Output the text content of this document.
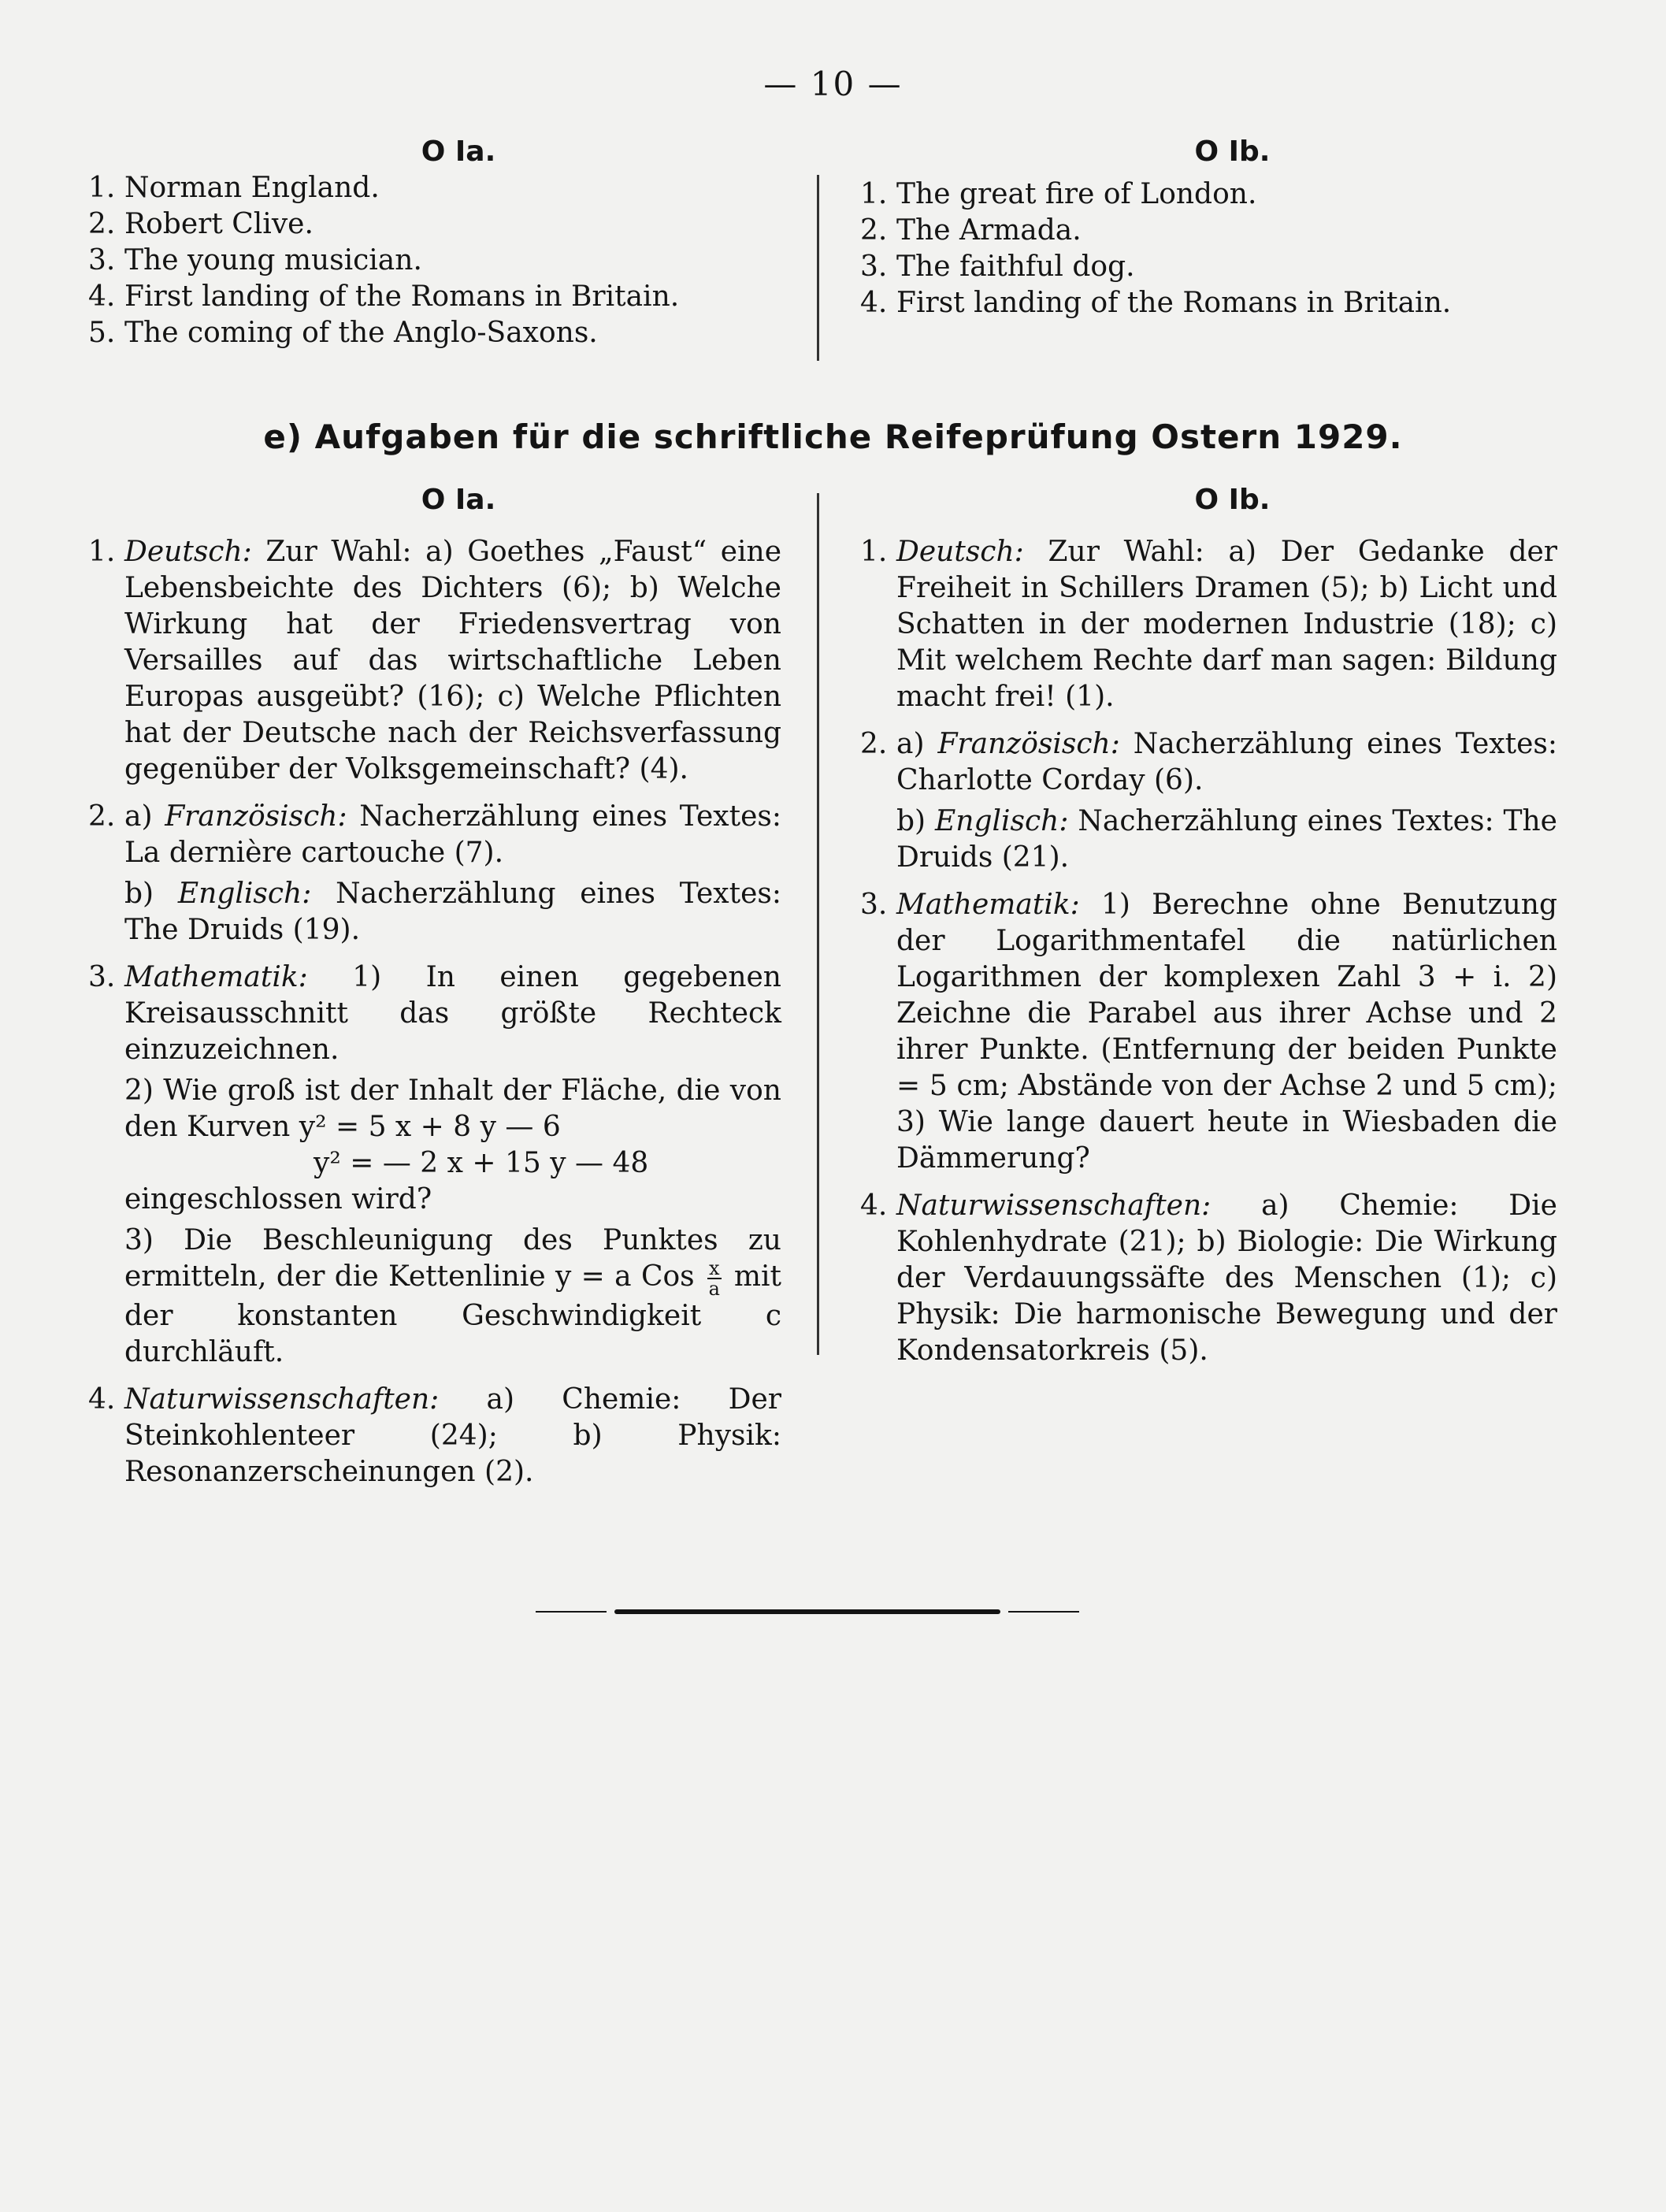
— 10 —
O Ia.
1. Norman England.
2. Robert Clive.
3. The young musician.
4. First landing of the Romans in Britain.
5. The coming of the Anglo-Saxons.
O Ib.
1. The great fire of London.
2. The Armada.
3. The faithful dog.
4. First landing of the Romans in Britain.
e) Aufgaben für die schriftliche Reifeprüfung Ostern 1929.
O Ia.
1. Deutsch: Zur Wahl: a) Goethes „Faust“ eine Lebensbeichte des Dichters (6); b) Welche Wirkung hat der Friedensvertrag von Versailles auf das wirtschaftliche Leben Europas ausgeübt? (16); c) Welche Pflichten hat der Deutsche nach der Reichsverfassung gegenüber der Volksgemeinschaft? (4).
2. a) Französisch: Nacherzählung eines Textes: La dernière cartouche (7).
b) Englisch: Nacherzählung eines Textes: The Druids (19).
3. Mathematik: 1) In einen gegebenen Kreisausschnitt das größte Rechteck einzuzeichnen.
2) Wie groß ist der Inhalt der Fläche, die von den Kurven y² = 5 x + 8 y — 6
y² = — 2 x + 15 y — 48
eingeschlossen wird?
3) Die Beschleunigung des Punktes zu ermitteln, der die Kettenlinie y = a Cos $\frac{x}{a}$ mit der konstanten Geschwindigkeit c durchläuft.
4. Naturwissenschaften: a) Chemie: Der Steinkohlenteer (24); b) Physik: Resonanzerscheinungen (2).
O Ib.
1. Deutsch: Zur Wahl: a) Der Gedanke der Freiheit in Schillers Dramen (5); b) Licht und Schatten in der modernen Industrie (18); c) Mit welchem Rechte darf man sagen: Bildung macht frei! (1).
2. a) Französisch: Nacherzählung eines Textes: Charlotte Corday (6).
b) Englisch: Nacherzählung eines Textes: The Druids (21).
3. Mathematik: 1) Berechne ohne Benutzung der Logarithmentafel die natürlichen Logarithmen der komplexen Zahl 3 + i. 2) Zeichne die Parabel aus ihrer Achse und 2 ihrer Punkte. (Entfernung der beiden Punkte = 5 cm; Abstände von der Achse 2 und 5 cm); 3) Wie lange dauert heute in Wiesbaden die Dämmerung?
4. Naturwissenschaften: a) Chemie: Die Kohlenhydrate (21); b) Biologie: Die Wirkung der Verdauungssäfte des Menschen (1); c) Physik: Die harmonische Bewegung und der Kondensatorkreis (5).
